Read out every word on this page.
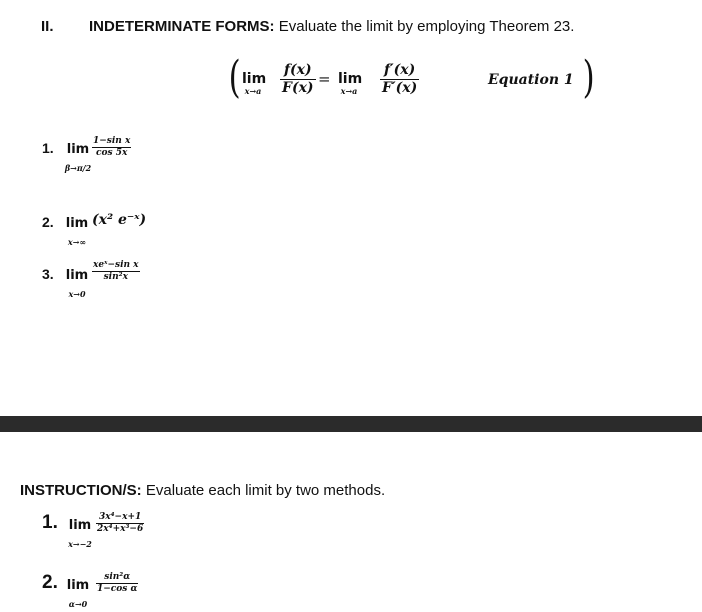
II. INDETERMINATE FORMS: Evaluate the limit by employing Theorem 23.
( lim
x→a
f(x)
F(x)
= lim
x→a
f′(x)
F′(x)
Equation 1 )
1. lim
β→π/2
1−sin x
cos 5x
2. lim
x→∞
(x² e⁻ˣ)
3. lim
x→0
xeˣ−sin x
sin²x
INSTRUCTION/S: Evaluate each limit by two methods.
1. lim
x→−2
3x⁴−x+1
2x⁴+x³−6
2. lim
α→0
sin²α
1−cos α
